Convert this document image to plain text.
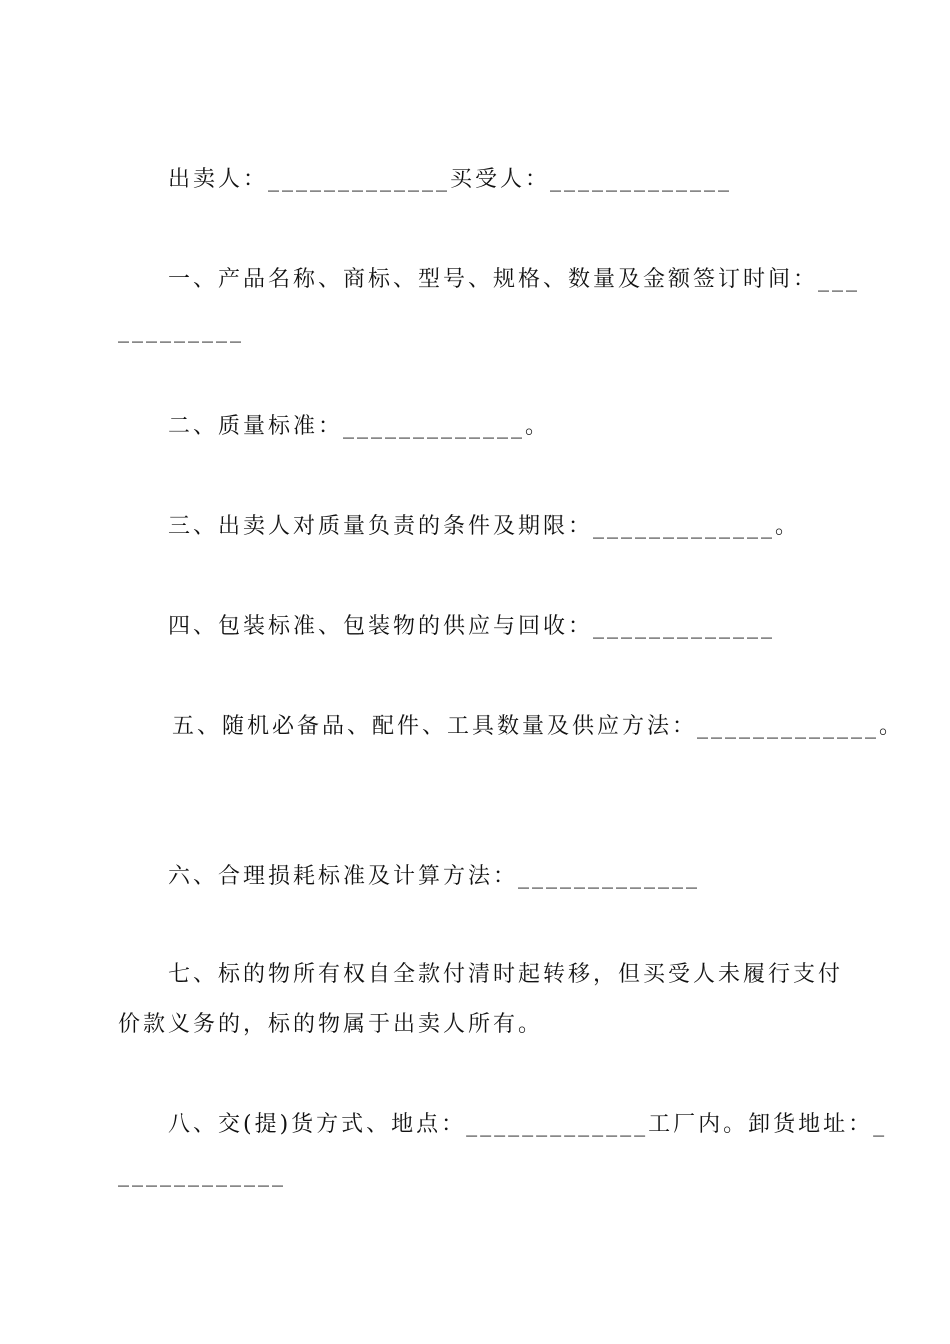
出卖人：_____________买受人：_____________
一、产品名称、商标、型号、规格、数量及金额签订时间：___
_________
二、质量标准：_____________。
三、出卖人对质量负责的条件及期限：_____________。
四、包装标准、包装物的供应与回收：_____________
五、随机必备品、配件、工具数量及供应方法：_____________。
六、合理损耗标准及计算方法：_____________
七、标的物所有权自全款付清时起转移，但买受人未履行支付
价款义务的，标的物属于出卖人所有。
八、交(提)货方式、地点：_____________工厂内。卸货地址：_
____________
